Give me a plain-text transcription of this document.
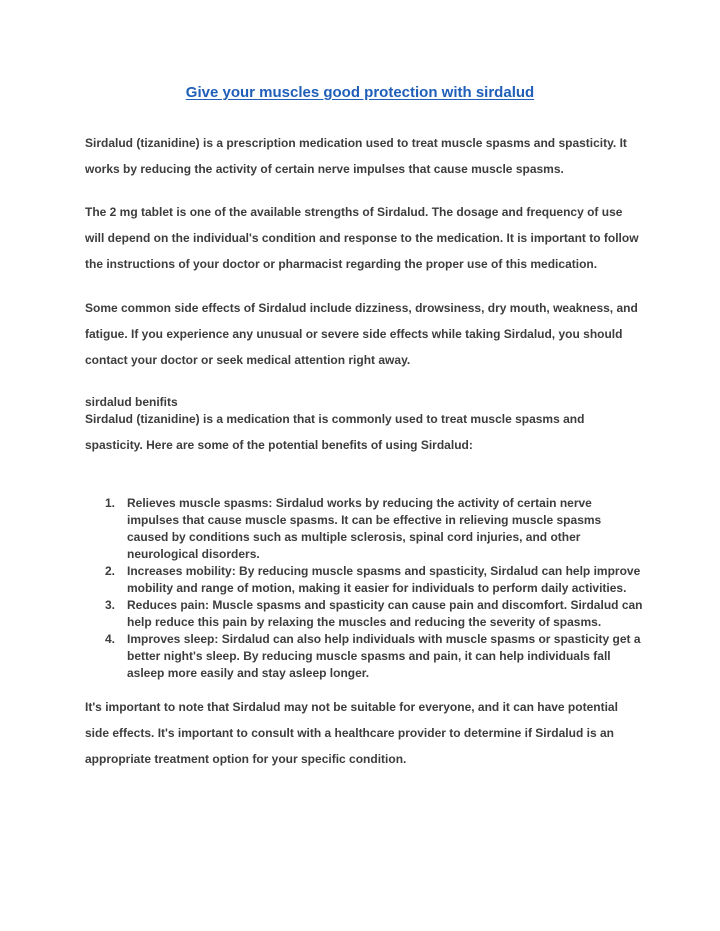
Give your muscles good protection with sirdalud

Sirdalud (tizanidine) is a prescription medication used to treat muscle spasms and spasticity. It works by reducing the activity of certain nerve impulses that cause muscle spasms.

The 2 mg tablet is one of the available strengths of Sirdalud. The dosage and frequency of use will depend on the individual's condition and response to the medication. It is important to follow the instructions of your doctor or pharmacist regarding the proper use of this medication.

Some common side effects of Sirdalud include dizziness, drowsiness, dry mouth, weakness, and fatigue. If you experience any unusual or severe side effects while taking Sirdalud, you should contact your doctor or seek medical attention right away.

sirdalud benifits

Sirdalud (tizanidine) is a medication that is commonly used to treat muscle spasms and spasticity. Here are some of the potential benefits of using Sirdalud:

1. Relieves muscle spasms: Sirdalud works by reducing the activity of certain nerve impulses that cause muscle spasms. It can be effective in relieving muscle spasms caused by conditions such as multiple sclerosis, spinal cord injuries, and other neurological disorders.
2. Increases mobility: By reducing muscle spasms and spasticity, Sirdalud can help improve mobility and range of motion, making it easier for individuals to perform daily activities.
3. Reduces pain: Muscle spasms and spasticity can cause pain and discomfort. Sirdalud can help reduce this pain by relaxing the muscles and reducing the severity of spasms.
4. Improves sleep: Sirdalud can also help individuals with muscle spasms or spasticity get a better night's sleep. By reducing muscle spasms and pain, it can help individuals fall asleep more easily and stay asleep longer.

It's important to note that Sirdalud may not be suitable for everyone, and it can have potential side effects. It's important to consult with a healthcare provider to determine if Sirdalud is an appropriate treatment option for your specific condition.
